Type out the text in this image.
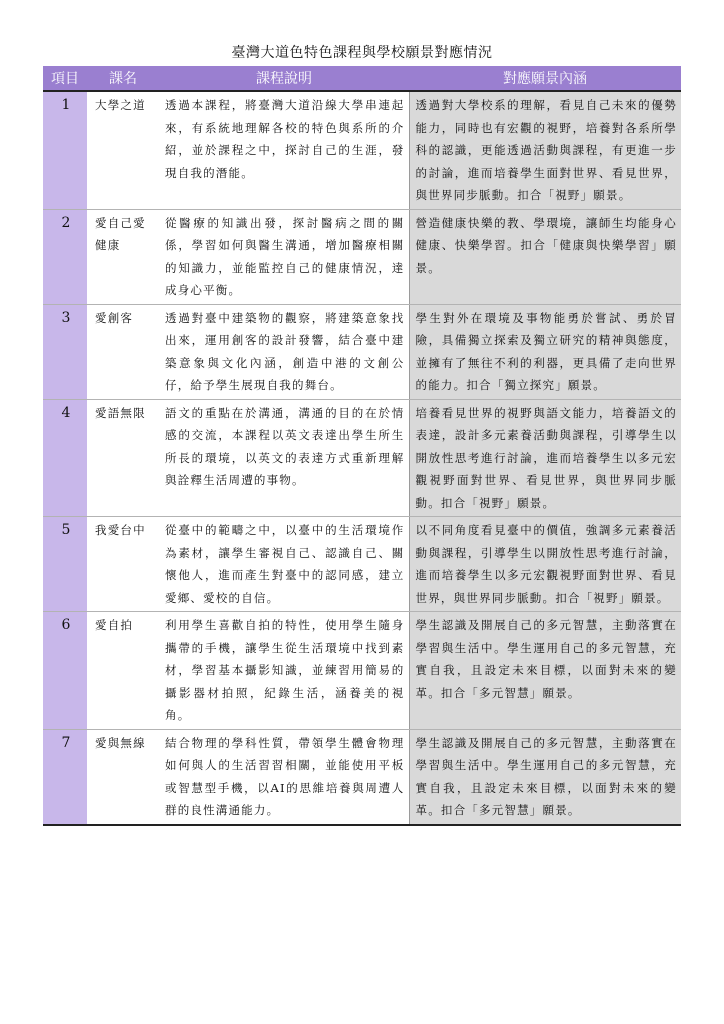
臺灣大道色特色課程與學校願景對應情況
項目	課名	課程說明	對應願景內涵
1	大學之道	透過本課程，將臺灣大道沿線大學串連起來，有系統地理解各校的特色與系所的介紹，並於課程之中，探討自己的生涯，發現自我的潛能。	透過對大學校系的理解，看見自己未來的優勢能力，同時也有宏觀的視野，培養對各系所學科的認識，更能透過活動與課程，有更進一步的討論，進而培養學生面對世界、看見世界，與世界同步脈動。扣合「視野」願景。
2	愛自己愛健康	從醫療的知識出發，探討醫病之間的關係，學習如何與醫生溝通，增加醫療相關的知識力，並能監控自己的健康情況，達成身心平衡。	營造健康快樂的教、學環境，讓師生均能身心健康、快樂學習。扣合「健康與快樂學習」願景。
3	愛創客	透過對臺中建築物的觀察，將建築意象找出來，運用創客的設計發響，結合臺中建築意象與文化內涵，創造中港的文創公仔，給予學生展現自我的舞台。	學生對外在環境及事物能勇於嘗試、勇於冒險，具備獨立探索及獨立研究的精神與態度，並擁有了無往不利的利器，更具備了走向世界的能力。扣合「獨立探究」願景。
4	愛語無限	語文的重點在於溝通，溝通的目的在於情感的交流，本課程以英文表達出學生所生所長的環境，以英文的表達方式重新理解與詮釋生活周遭的事物。	培養看見世界的視野與語文能力，培養語文的表達，設計多元素養活動與課程，引導學生以開放性思考進行討論，進而培養學生以多元宏觀視野面對世界、看見世界，與世界同步脈動。扣合「視野」願景。
5	我愛台中	從臺中的範疇之中，以臺中的生活環境作為素材，讓學生審視自己、認識自己、關懷他人，進而產生對臺中的認同感，建立愛鄉、愛校的自信。	以不同角度看見臺中的價值，強調多元素養活動與課程，引導學生以開放性思考進行討論，進而培養學生以多元宏觀視野面對世界、看見世界，與世界同步脈動。扣合「視野」願景。
6	愛自拍	利用學生喜歡自拍的特性，使用學生隨身攜帶的手機，讓學生從生活環境中找到素材，學習基本攝影知識，並練習用簡易的攝影器材拍照，紀錄生活，涵養美的視角。	學生認識及開展自己的多元智慧，主動落實在學習與生活中。學生運用自己的多元智慧，充實自我，且設定未來目標，以面對未來的變革。扣合「多元智慧」願景。
7	愛與無線	結合物理的學科性質，帶領學生體會物理如何與人的生活習習相關，並能使用平板或智慧型手機，以AI的思維培養與周遭人群的良性溝通能力。	學生認識及開展自己的多元智慧，主動落實在學習與生活中。學生運用自己的多元智慧，充實自我，且設定未來目標，以面對未來的變革。扣合「多元智慧」願景。
